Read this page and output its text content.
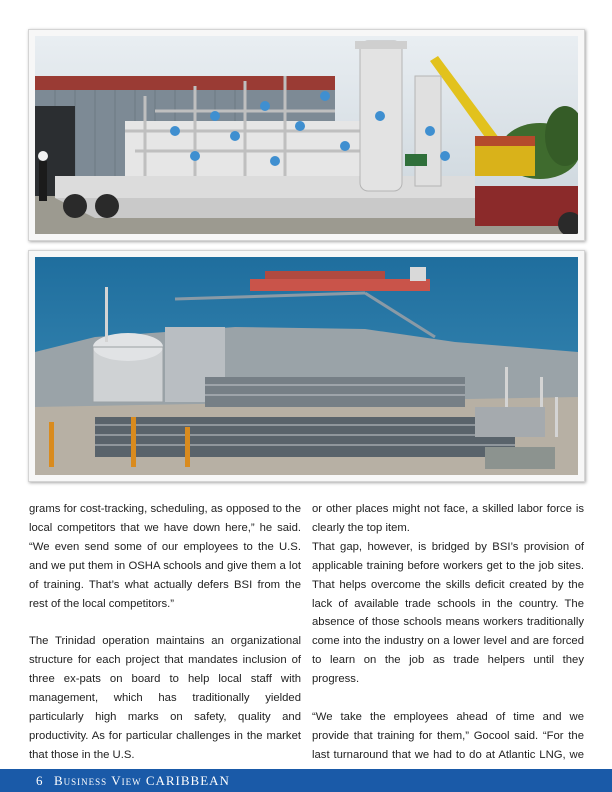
grams for cost-tracking, scheduling, as opposed to the local competitors that we have down here,” he said. “We even send some of our employees to the U.S. and we put them in OSHA schools and give them a lot of training. That’s what actually defers BSI from the rest of the local competitors.”

The Trinidad operation maintains an organizational structure for each project that mandates inclusion of three ex-pats on board to help local staff with management, which has traditionally yielded particularly high marks on safety, quality and productivity. As for particular challenges in the market that those in the U.S.

or other places might not face, a skilled labor force is clearly the top item.

That gap, however, is bridged by BSI’s provision of applicable training before workers get to the job sites. That helps overcome the skills deficit created by the lack of available trade schools in the country. The absence of those schools means workers traditionally come into the industry on a lower level and are forced to learn on the job as trade helpers until they progress.

“We take the employees ahead of time and we provide that training for them,” Gocool said. “For the last turnaround that we had to do at Atlantic LNG, we

6 Business View CARIBBEAN
